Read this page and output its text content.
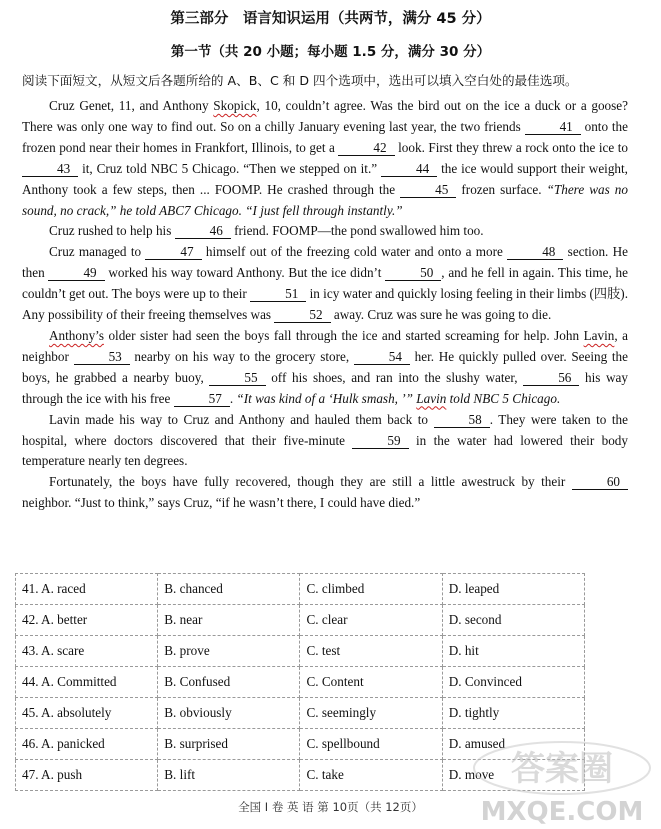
第三部分　语言知识运用（共两节，满分 45 分）
第一节（共 20 小题；每小题 1.5 分，满分 30 分）
阅读下面短文，从短文后各题所给的 A、B、C 和 D 四个选项中，选出可以填入空白处的最佳选项。

Cruz Genet, 11, and Anthony Skopick, 10, couldn’t agree. Was the bird out on the ice a duck or a goose? There was only one way to find out. So on a chilly January evening last year, the two friends	41 onto the frozen pond near their homes in Frankfort, Illinois, to get a	42 look. First they threw a rock onto the ice to 43 it, Cruz told NBC 5 Chicago. “Then we stepped on it.”	44 the ice would support their weight, Anthony took a few steps, then ... FOOMP. He crashed through the	45 frozen surface. “There was no sound, no crack,” he told ABC7 Chicago. “I just fell through instantly.”

Cruz rushed to help his	46 friend. FOOMP—the pond swallowed him too.

Cruz managed to	47 himself out of the freezing cold water and onto a more	48 section. He then	49 worked his way toward Anthony. But the ice didn’t	50 , and he fell in again. This time, he couldn’t get out. The boys were up to their	51 in icy water and quickly losing feeling in their limbs (四肢). Any possibility of their freeing themselves was	52 away. Cruz was sure he was going to die.

Anthony’s older sister had seen the boys fall through the ice and started screaming for help. John Lavin, a neighbor	53 nearby on his way to the grocery store,	54 her. He quickly pulled over. Seeing the boys, he grabbed a nearby buoy,	55 off his shoes, and ran into the slushy water,	56 his way through the ice with his free	57 . “It was kind of a ‘Hulk smash, ’” Lavin told NBC 5 Chicago.

Lavin made his way to Cruz and Anthony and hauled them back to	58 . They were taken to the hospital, where doctors discovered that their five-minute	59 in the water had lowered their body temperature nearly ten degrees.

Fortunately, the boys have fully recovered, though they are still a little awestruck by their	60 neighbor. “Just to think,” says Cruz, “if he wasn’t there, I could have died.”

41. A. raced	B. chanced	C. climbed	D. leaped
42. A. better	B. near	C. clear	D. second
43. A. scare	B. prove	C. test	D. hit
44. A. Committed	B. Confused	C. Content	D. Convinced
45. A. absolutely	B. obviously	C. seemingly	D. tightly
46. A. panicked	B. surprised	C. spellbound	D. amused
47. A. push	B. lift	C. take	D. move
全国 I 卷 英 语 第 10页（共 12页）
答案圈
MXQE.COM
